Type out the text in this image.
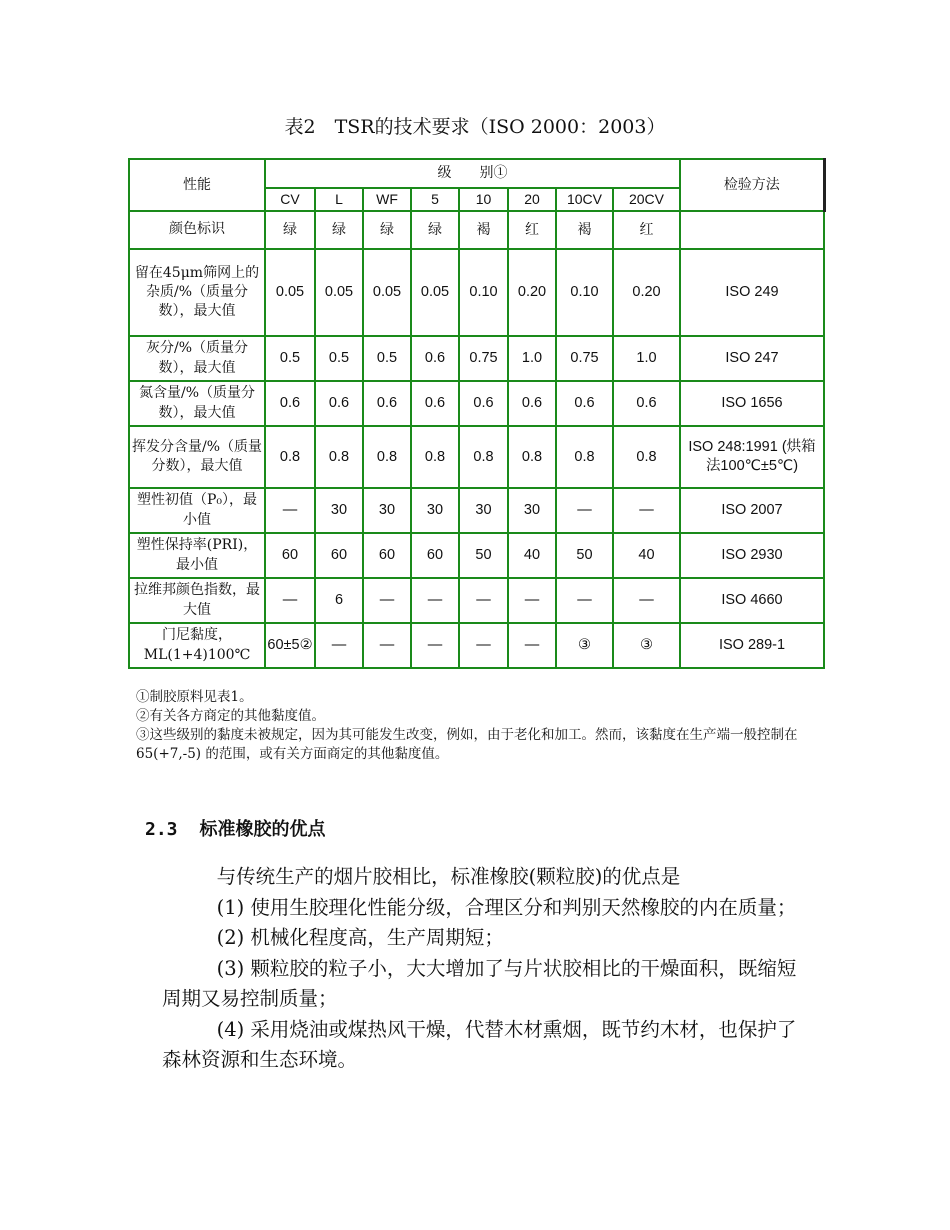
表2　TSR的技术要求（ISO 2000：2003）
性能	级　　别①								检验方法
	CV	L	WF	5	10	20	10CV	20CV	
颜色标识	绿	绿	绿	绿	褐	红	褐	红	
留在45μm筛网上的杂质/%（质量分数），最大值	0.05	0.05	0.05	0.05	0.10	0.20	0.10	0.20	ISO 249
灰分/%（质量分数），最大值	0.5	0.5	0.5	0.6	0.75	1.0	0.75	1.0	ISO 247
氮含量/%（质量分数），最大值	0.6	0.6	0.6	0.6	0.6	0.6	0.6	0.6	ISO 1656
挥发分含量/%（质量分数），最大值	0.8	0.8	0.8	0.8	0.8	0.8	0.8	0.8	ISO 248:1991 (烘箱法100℃±5℃)
塑性初值（P₀），最小值	—	30	30	30	30	30	—	—	ISO 2007
塑性保持率(PRI)，最小值	60	60	60	60	50	40	50	40	ISO 2930
拉维邦颜色指数，最大值	—	6	—	—	—	—	—	—	ISO 4660
门尼黏度，ML(1+4)100℃	60±5②	—	—	—	—	—	③	③	ISO 289-1

①制胶原料见表1。

②有关各方商定的其他黏度值。

③这些级别的黏度未被规定，因为其可能发生改变，例如，由于老化和加工。然而，该黏度在生产端一般控制在65(+7,-5) 的范围，或有关方面商定的其他黏度值。

2.3 标准橡胶的优点

与传统生产的烟片胶相比，标准橡胶(颗粒胶)的优点是

(1) 使用生胶理化性能分级，合理区分和判别天然橡胶的内在质量；

(2) 机械化程度高，生产周期短；

(3) 颗粒胶的粒子小，大大增加了与片状胶相比的干燥面积，既缩短周期又易控制质量；

(4) 采用烧油或煤热风干燥，代替木材熏烟，既节约木材，也保护了森林资源和生态环境。
